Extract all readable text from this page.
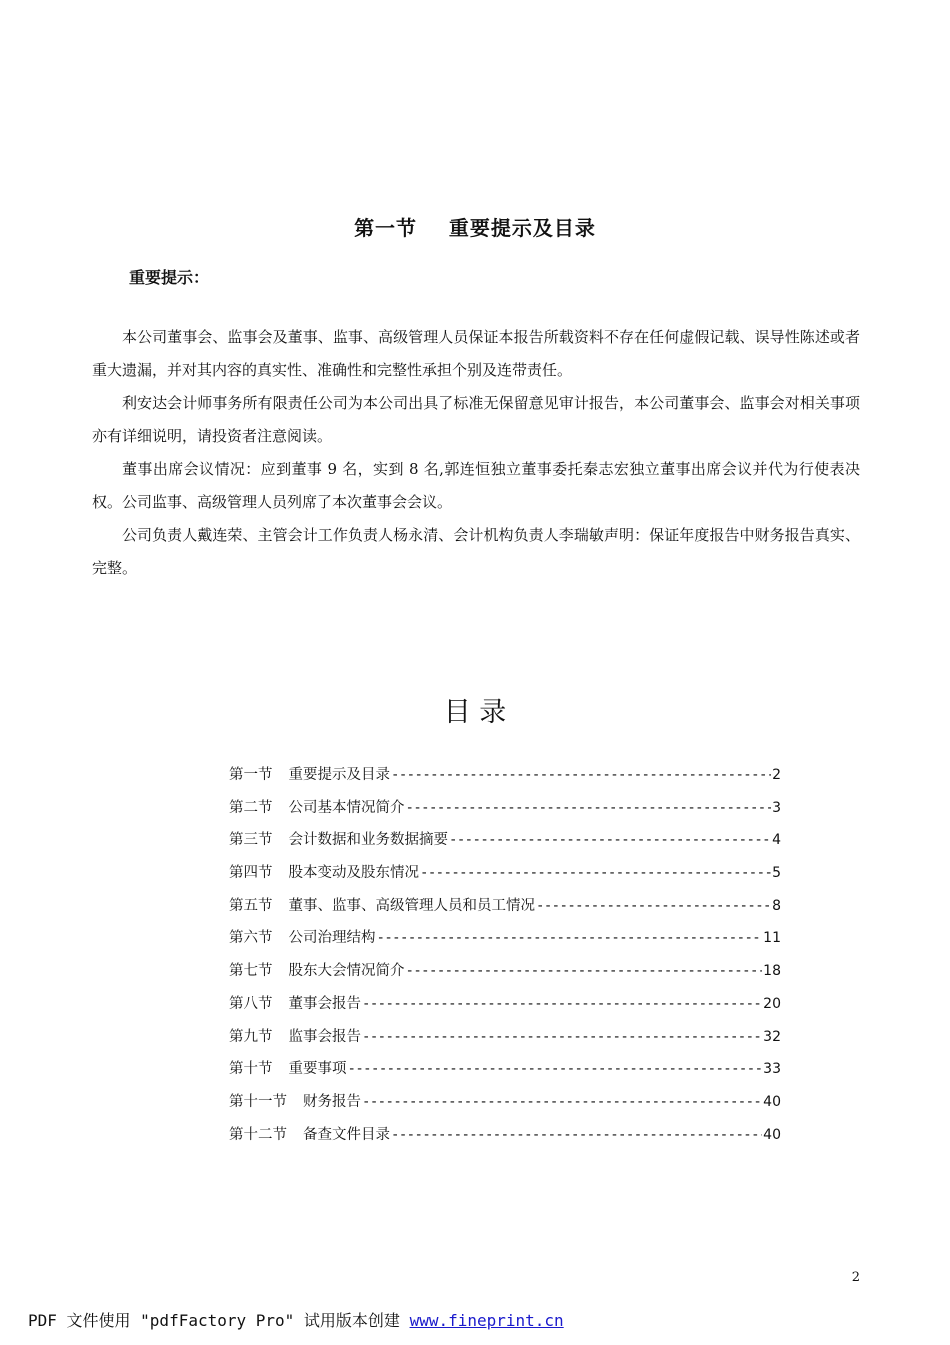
第一节    重要提示及目录
重要提示：

本公司董事会、监事会及董事、监事、高级管理人员保证本报告所载资料不存在任何虚假记载、误导性陈述或者重大遗漏，并对其内容的真实性、准确性和完整性承担个别及连带责任。

利安达会计师事务所有限责任公司为本公司出具了标准无保留意见审计报告，本公司董事会、监事会对相关事项亦有详细说明，请投资者注意阅读。

董事出席会议情况：应到董事 9 名，实到 8 名,郭连恒独立董事委托秦志宏独立董事出席会议并代为行使表决权。公司监事、高级管理人员列席了本次董事会会议。

公司负责人戴连荣、主管会计工作负责人杨永清、会计机构负责人李瑞敏声明：保证年度报告中财务报告真实、完整。

目 录
第一节 重要提示及目录 -----	2
第二节 公司基本情况简介 -----	3
第三节 会计数据和业务数据摘要 -----	4
第四节 股本变动及股东情况 -----	5
第五节 董事、监事、高级管理人员和员工情况 -----	8
第六节 公司治理结构 -----	11
第七节 股东大会情况简介 -----	18
第八节 董事会报告 -----	20
第九节 监事会报告 -----	32
第十节 重要事项 -----	33
第十一节 财务报告 -----	40
第十二节 备查文件目录 -----	40
2
PDF 文件使用 "pdfFactory Pro" 试用版本创建 www.fineprint.cn
